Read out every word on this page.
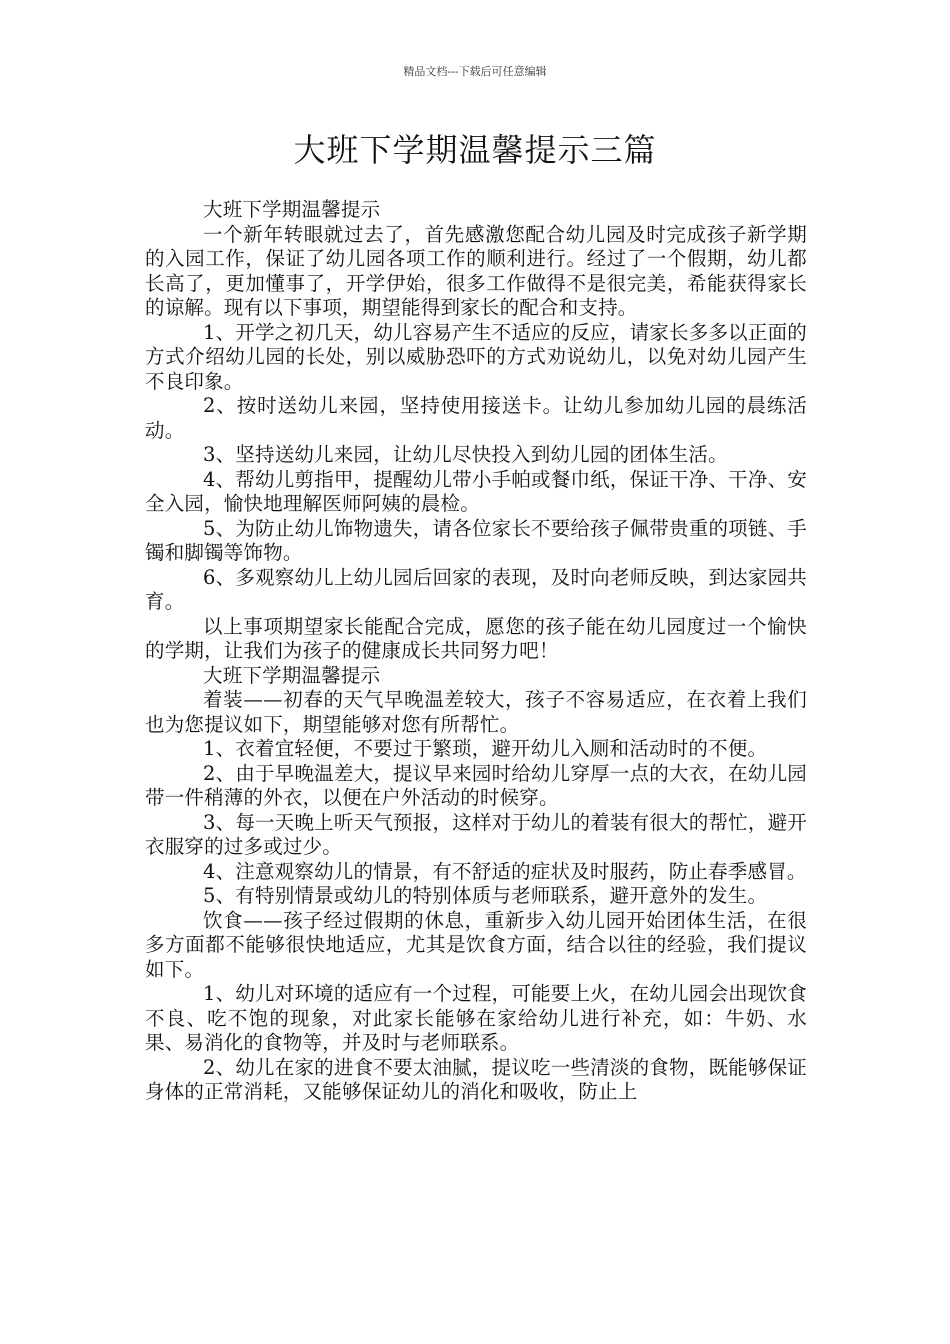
精品文档---下载后可任意编辑
大班下学期温馨提示三篇

大班下学期温馨提示

一个新年转眼就过去了，首先感激您配合幼儿园及时完成孩子新学期的入园工作，保证了幼儿园各项工作的顺利进行。经过了一个假期，幼儿都长高了，更加懂事了，开学伊始，很多工作做得不是很完美，希能获得家长的谅解。现有以下事项，期望能得到家长的配合和支持。

1、开学之初几天，幼儿容易产生不适应的反应，请家长多多以正面的方式介绍幼儿园的长处，别以威胁恐吓的方式劝说幼儿，以免对幼儿园产生不良印象。

2、按时送幼儿来园，坚持使用接送卡。让幼儿参加幼儿园的晨练活动。

3、坚持送幼儿来园，让幼儿尽快投入到幼儿园的团体生活。

4、帮幼儿剪指甲，提醒幼儿带小手帕或餐巾纸，保证干净、干净、安全入园，愉快地理解医师阿姨的晨检。

5、为防止幼儿饰物遗失，请各位家长不要给孩子佩带贵重的项链、手镯和脚镯等饰物。

6、多观察幼儿上幼儿园后回家的表现，及时向老师反映，到达家园共育。

以上事项期望家长能配合完成，愿您的孩子能在幼儿园度过一个愉快的学期，让我们为孩子的健康成长共同努力吧！

大班下学期温馨提示

着装——初春的天气早晚温差较大，孩子不容易适应，在衣着上我们也为您提议如下，期望能够对您有所帮忙。

1、衣着宜轻便，不要过于繁琐，避开幼儿入厕和活动时的不便。

2、由于早晚温差大，提议早来园时给幼儿穿厚一点的大衣，在幼儿园带一件稍薄的外衣，以便在户外活动的时候穿。

3、每一天晚上听天气预报，这样对于幼儿的着装有很大的帮忙，避开衣服穿的过多或过少。

4、注意观察幼儿的情景，有不舒适的症状及时服药，防止春季感冒。

5、有特别情景或幼儿的特别体质与老师联系，避开意外的发生。

饮食——孩子经过假期的休息，重新步入幼儿园开始团体生活，在很多方面都不能够很快地适应，尤其是饮食方面，结合以往的经验，我们提议如下。

1、幼儿对环境的适应有一个过程，可能要上火，在幼儿园会出现饮食不良、吃不饱的现象，对此家长能够在家给幼儿进行补充，如：牛奶、水果、易消化的食物等，并及时与老师联系。

2、幼儿在家的进食不要太油腻，提议吃一些清淡的食物，既能够保证身体的正常消耗，又能够保证幼儿的消化和吸收，防止上
